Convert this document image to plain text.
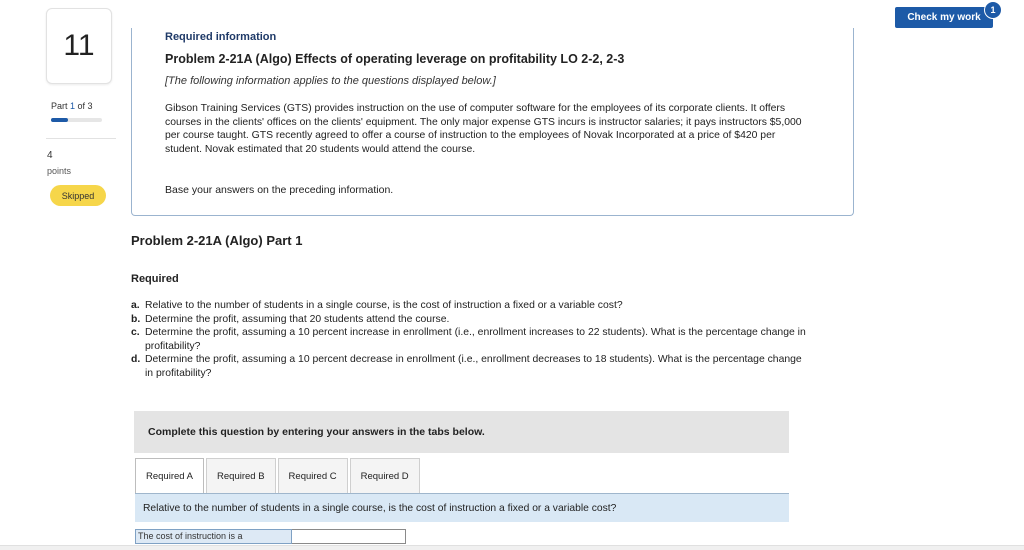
11
Part 1 of 3
4
points
Skipped
Check my work
1
Required information
Problem 2-21A (Algo) Effects of operating leverage on profitability LO 2-2, 2-3
[The following information applies to the questions displayed below.]

Gibson Training Services (GTS) provides instruction on the use of computer software for the employees of its corporate clients. It offers courses in the clients' offices on the clients' equipment. The only major expense GTS incurs is instructor salaries; it pays instructors $5,000 per course taught. GTS recently agreed to offer a course of instruction to the employees of Novak Incorporated at a price of $420 per student. Novak estimated that 20 students would attend the course.

Base your answers on the preceding information.
Problem 2-21A (Algo) Part 1
Required
a. Relative to the number of students in a single course, is the cost of instruction a fixed or a variable cost?
b. Determine the profit, assuming that 20 students attend the course.
c. Determine the profit, assuming a 10 percent increase in enrollment (i.e., enrollment increases to 22 students). What is the percentage change in profitability?
d. Determine the profit, assuming a 10 percent decrease in enrollment (i.e., enrollment decreases to 18 students). What is the percentage change in profitability?
Complete this question by entering your answers in the tabs below.
Required A	Required B	Required C	Required D
Relative to the number of students in a single course, is the cost of instruction a fixed or a variable cost?
The cost of instruction is a
